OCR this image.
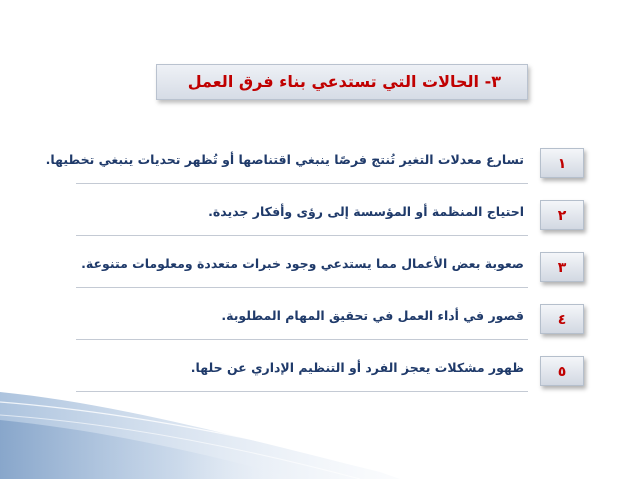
٣- الحالات التي تستدعي بناء فرق العمل
١
تسارع معدلات التغير تُنتج فرصًا ينبغي اقتناصها أو تُظهر تحديات ينبغي تخطيها.
٢
احتياج المنظمة أو المؤسسة إلى رؤى وأفكار جديدة.
٣
صعوبة بعض الأعمال مما يستدعي وجود خبرات متعددة ومعلومات متنوعة.
٤
قصور في أداء العمل في تحقيق المهام المطلوبة.
٥
ظهور مشكلات يعجز الفرد أو التنظيم الإداري عن حلها.
